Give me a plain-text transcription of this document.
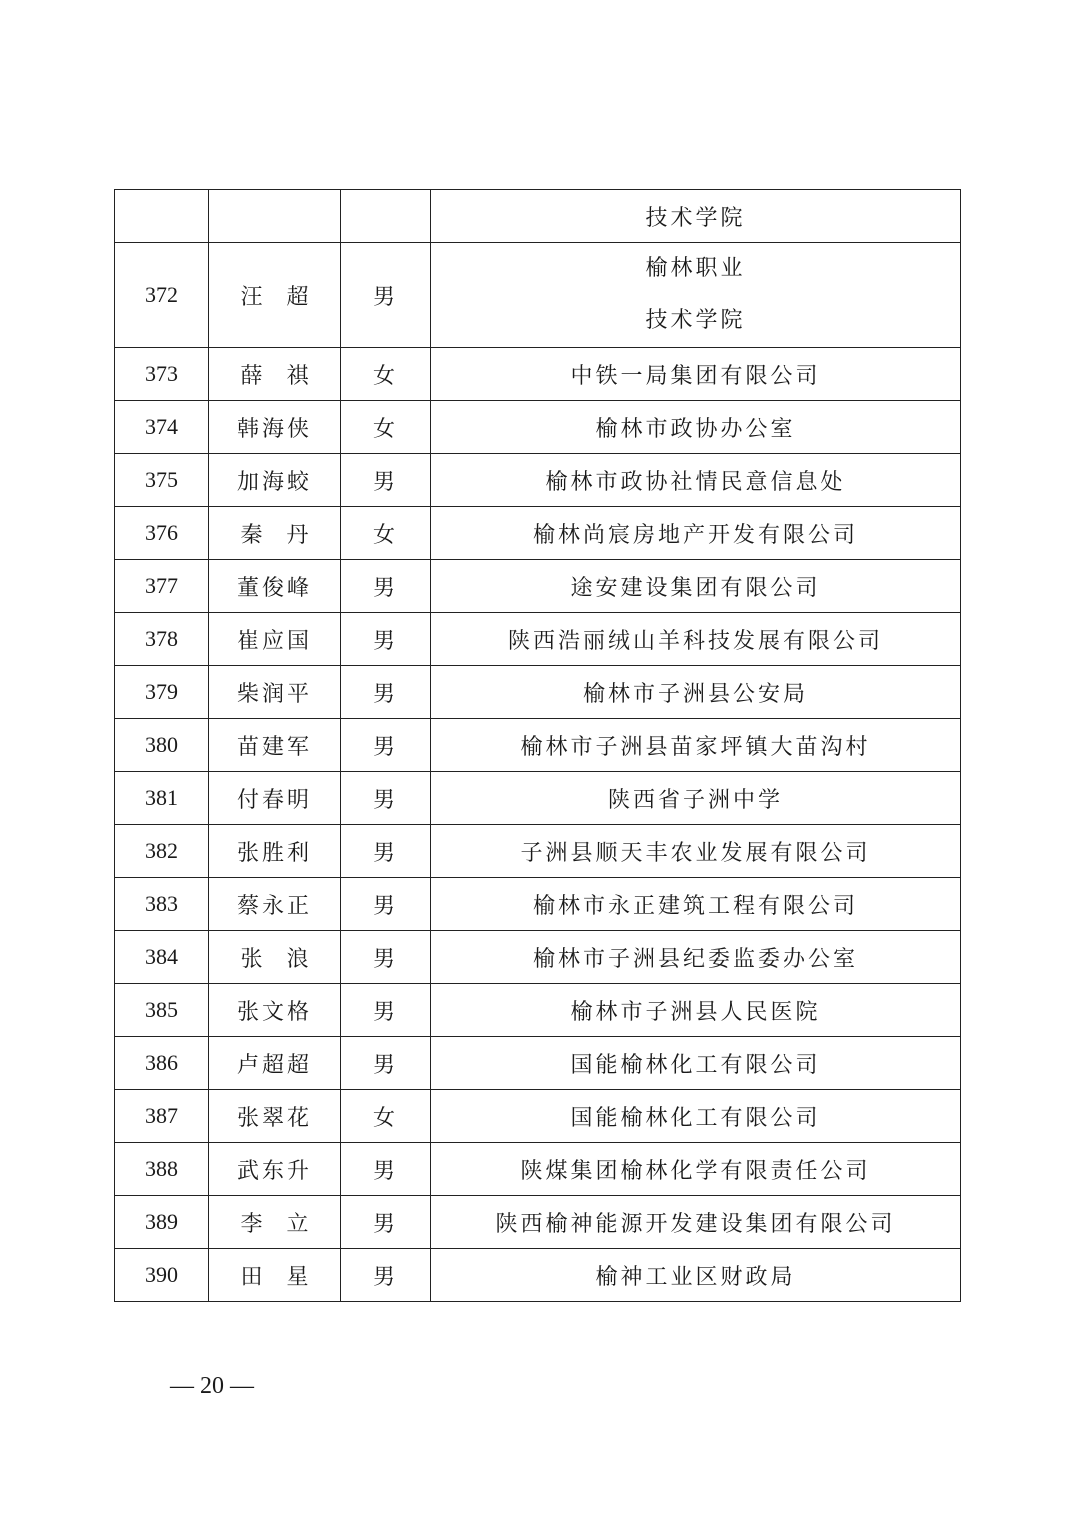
			技术学院
372	汪　 超	男	榆林职业
技术学院

373	薛　 祺	女	中铁一局集团有限公司
374	韩海侠	女	榆林市政协办公室
375	加海蛟	男	榆林市政协社情民意信息处
376	秦　 丹	女	榆林尚宸房地产开发有限公司
377	董俊峰	男	途安建设集团有限公司
378	崔应国	男	陕西浩丽绒山羊科技发展有限公司
379	柴润平	男	榆林市子洲县公安局
380	苗建军	男	榆林市子洲县苗家坪镇大苗沟村
381	付春明	男	陕西省子洲中学
382	张胜利	男	子洲县顺天丰农业发展有限公司
383	蔡永正	男	榆林市永正建筑工程有限公司
384	张　 浪	男	榆林市子洲县纪委监委办公室
385	张文格	男	榆林市子洲县人民医院
386	卢超超	男	国能榆林化工有限公司
387	张翠花	女	国能榆林化工有限公司
388	武东升	男	陕煤集团榆林化学有限责任公司
389	李　 立	男	陕西榆神能源开发建设集团有限公司
390	田　 星	男	榆神工业区财政局
— 20 —
